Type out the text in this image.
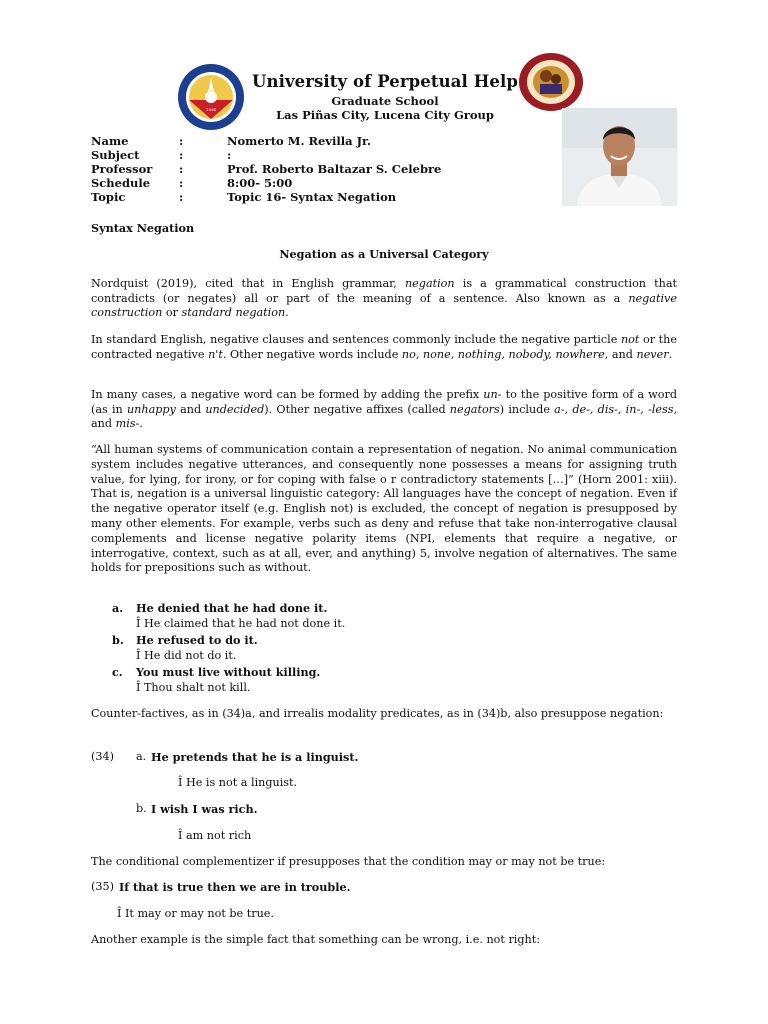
1994
University of Perpetual Help
Graduate School
Las Piñas City, Lucena City Group
Name	:	Nomerto M. Revilla Jr.
Subject	:	:
Professor :	Prof. Roberto Baltazar S. Celebre
Schedule	:	8:00- 5:00
Topic	:	Topic 16- Syntax Negation
Syntax Negation
Negation as a Universal Category
Nordquist (2019), cited that in English grammar, negation is a grammatical construction that contradicts (or negates) all or part of the meaning of a sentence. Also known as a negative construction or standard negation.
In standard English, negative clauses and sentences commonly include the negative particle not or the contracted negative n't. Other negative words include no, none, nothing, nobody, nowhere, and never.
In many cases, a negative word can be formed by adding the prefix un- to the positive form of a word (as in unhappy and undecided). Other negative affixes (called negators) include a-, de-, dis-, in-, -less, and mis-.
“All human systems of communication contain a representation of negation. No animal communication system includes negative utterances, and consequently none possesses a means for assigning truth value, for lying, for irony, or for coping with false o r contradictory statements […]” (Horn 2001: xiii). That is, negation is a universal linguistic category: All languages have the concept of negation. Even if the negative operator itself (e.g. English not) is excluded, the concept of negation is presupposed by many other elements. For example, verbs such as deny and refuse that take non-interrogative clausal complements and license negative polarity items (NPI, elements that require a negative, or interrogative, context, such as at all, ever, and anything) 5, involve negation of alternatives. The same holds for prepositions such as without.
a. He denied that he had done it.
Î He claimed that he had not done it.
b. He refused to do it.
Î He did not do it.
c. You must live without killing.
Î Thou shalt not kill.
Counter-factives, as in (34)a, and irrealis modality predicates, as in (34)b, also presuppose negation:
(34) a. He pretends that he is a linguist.
Î He is not a linguist.
b. I wish I was rich.
Î am not rich
The conditional complementizer if presupposes that the condition may or may not be true:
(35) If that is true then we are in trouble.
Î It may or may not be true.
Another example is the simple fact that something can be wrong, i.e. not right:
